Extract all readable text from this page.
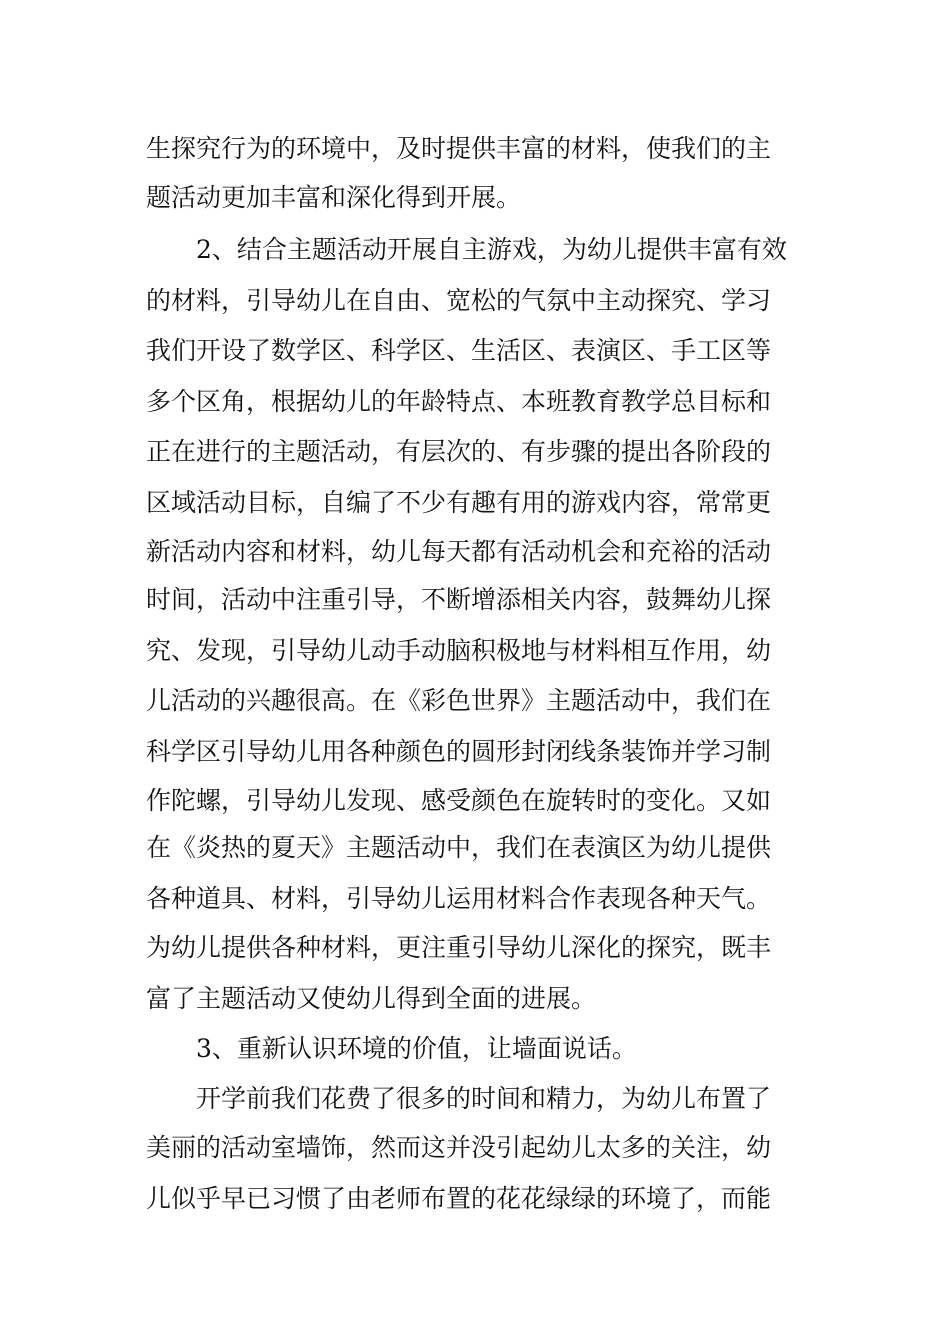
生探究行为的环境中，及时提供丰富的材料，使我们的主
题活动更加丰富和深化得到开展。
2、结合主题活动开展自主游戏，为幼儿提供丰富有效
的材料，引导幼儿在自由、宽松的气氛中主动探究、学习
我们开设了数学区、科学区、生活区、表演区、手工区等
多个区角，根据幼儿的年龄特点、本班教育教学总目标和
正在进行的主题活动，有层次的、有步骤的提出各阶段的
区域活动目标，自编了不少有趣有用的游戏内容，常常更
新活动内容和材料，幼儿每天都有活动机会和充裕的活动
时间，活动中注重引导，不断增添相关内容，鼓舞幼儿探
究、发现，引导幼儿动手动脑积极地与材料相互作用，幼
儿活动的兴趣很高。在《彩色世界》主题活动中，我们在
科学区引导幼儿用各种颜色的圆形封闭线条装饰并学习制
作陀螺，引导幼儿发现、感受颜色在旋转时的变化。又如
在《炎热的夏天》主题活动中，我们在表演区为幼儿提供
各种道具、材料，引导幼儿运用材料合作表现各种天气。
为幼儿提供各种材料，更注重引导幼儿深化的探究，既丰
富了主题活动又使幼儿得到全面的进展。
3、重新认识环境的价值，让墙面说话。
开学前我们花费了很多的时间和精力，为幼儿布置了
美丽的活动室墙饰，然而这并没引起幼儿太多的关注，幼
儿似乎早已习惯了由老师布置的花花绿绿的环境了，而能
